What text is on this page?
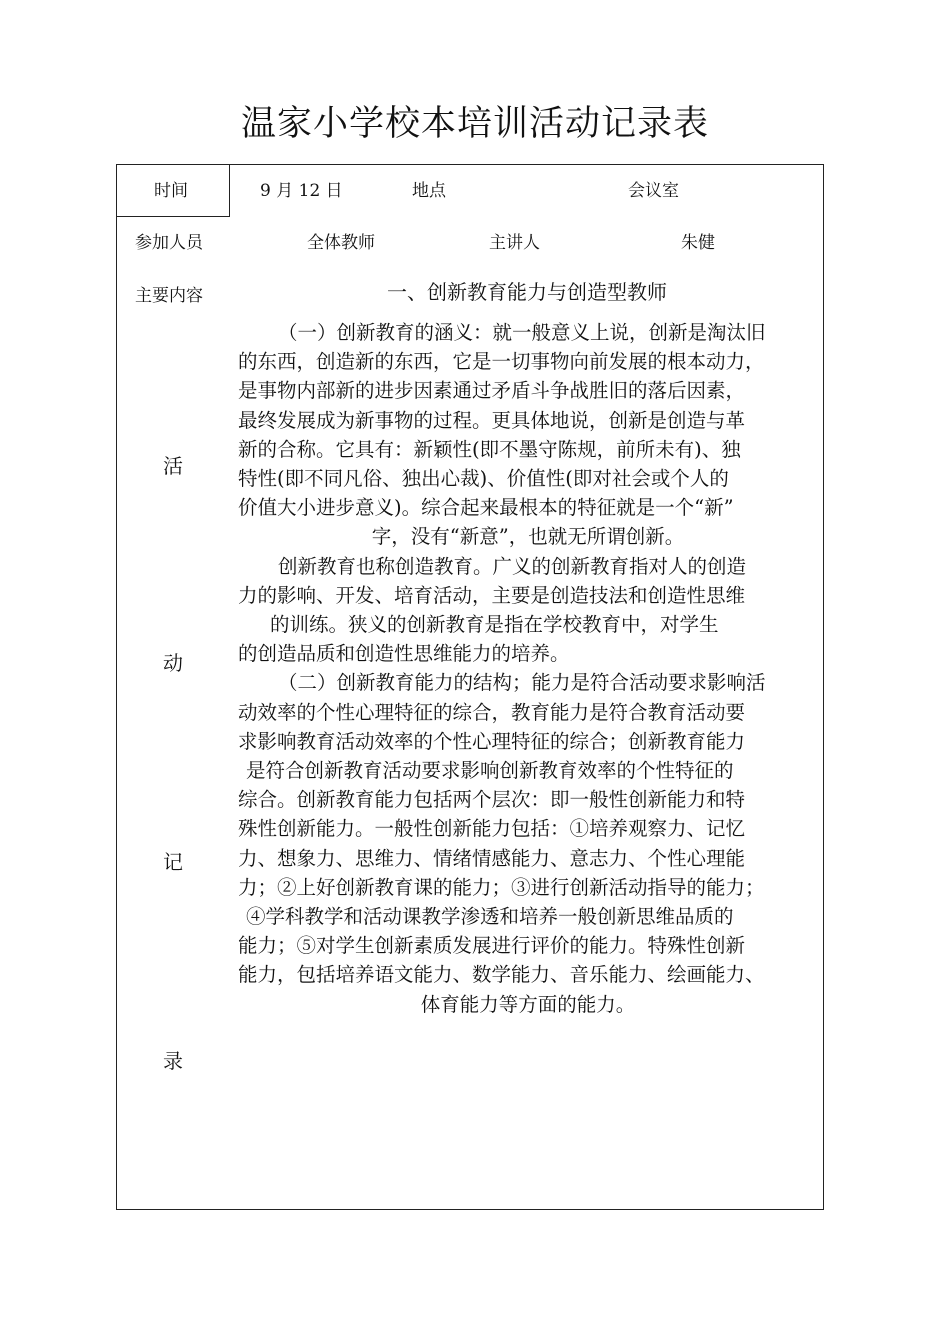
温家小学校本培训活动记录表
时间	9 月 12 日	地点	会议室
参加人员	全体教师	主讲人	朱健
主要内容
活
动
记
录
一、创新教育能力与创造型教师
（一）创新教育的涵义：就一般意义上说，创新是淘汰旧
的东西，创造新的东西，它是一切事物向前发展的根本动力，
是事物内部新的进步因素通过矛盾斗争战胜旧的落后因素，
最终发展成为新事物的过程。更具体地说，创新是创造与革
新的合称。它具有：新颖性(即不墨守陈规，前所未有)、独
特性(即不同凡俗、独出心裁)、价值性(即对社会或个人的
价值大小进步意义)。综合起来最根本的特征就是一个“新”
字，没有“新意”，也就无所谓创新。
创新教育也称创造教育。广义的创新教育指对人的创造
力的影响、开发、培育活动，主要是创造技法和创造性思维
的训练。狭义的创新教育是指在学校教育中，对学生
的创造品质和创造性思维能力的培养。
（二）创新教育能力的结构；能力是符合活动要求影响活
动效率的个性心理特征的综合，教育能力是符合教育活动要
求影响教育活动效率的个性心理特征的综合；创新教育能力
是符合创新教育活动要求影响创新教育效率的个性特征的
综合。创新教育能力包括两个层次：即一般性创新能力和特
殊性创新能力。一般性创新能力包括：①培养观察力、记忆
力、想象力、思维力、情绪情感能力、意志力、个性心理能
力；②上好创新教育课的能力；③进行创新活动指导的能力；
④学科教学和活动课教学渗透和培养一般创新思维品质的
能力；⑤对学生创新素质发展进行评价的能力。特殊性创新
能力，包括培养语文能力、数学能力、音乐能力、绘画能力、
体育能力等方面的能力。
